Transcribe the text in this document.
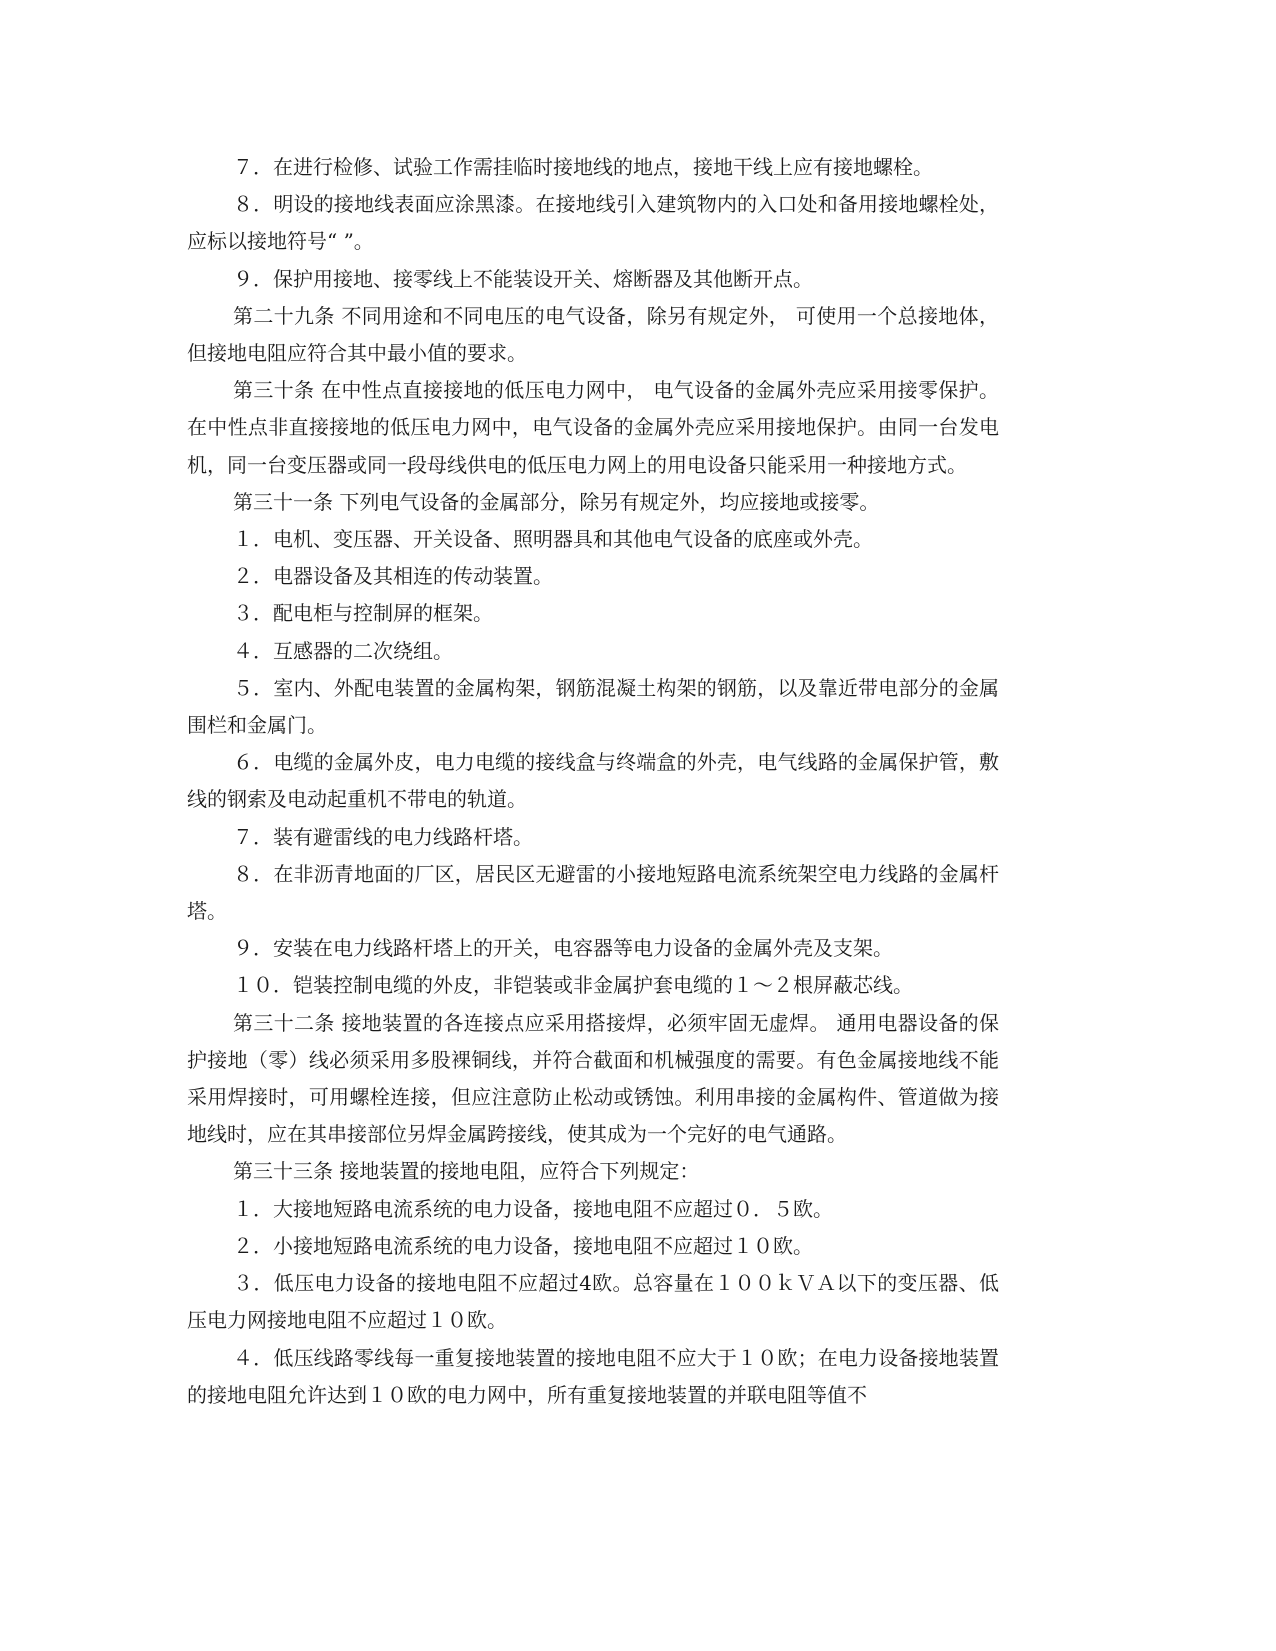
７．在进行检修、试验工作需挂临时接地线的地点，接地干线上应有接地螺栓。

８．明设的接地线表面应涂黑漆。在接地线引入建筑物内的入口处和备用接地螺栓处，应标以接地符号“ ”。

９．保护用接地、接零线上不能装设开关、熔断器及其他断开点。

第二十九条 不同用途和不同电压的电气设备，除另有规定外， 可使用一个总接地体，但接地电阻应符合其中最小值的要求。

第三十条 在中性点直接接地的低压电力网中， 电气设备的金属外壳应采用接零保护。在中性点非直接接地的低压电力网中，电气设备的金属外壳应采用接地保护。由同一台发电机，同一台变压器或同一段母线供电的低压电力网上的用电设备只能采用一种接地方式。

第三十一条 下列电气设备的金属部分，除另有规定外，均应接地或接零。

１．电机、变压器、开关设备、照明器具和其他电气设备的底座或外壳。

２．电器设备及其相连的传动装置。

３．配电柜与控制屏的框架。

４．互感器的二次绕组。

５．室内、外配电装置的金属构架，钢筋混凝土构架的钢筋，以及靠近带电部分的金属围栏和金属门。

６．电缆的金属外皮，电力电缆的接线盒与终端盒的外壳，电气线路的金属保护管，敷线的钢索及电动起重机不带电的轨道。

７．装有避雷线的电力线路杆塔。

８．在非沥青地面的厂区，居民区无避雷的小接地短路电流系统架空电力线路的金属杆塔。

９．安装在电力线路杆塔上的开关，电容器等电力设备的金属外壳及支架。

１０．铠装控制电缆的外皮，非铠装或非金属护套电缆的１～２根屏蔽芯线。

第三十二条 接地装置的各连接点应采用搭接焊，必须牢固无虚焊。 通用电器设备的保护接地（零）线必须采用多股裸铜线，并符合截面和机械强度的需要。有色金属接地线不能采用焊接时，可用螺栓连接，但应注意防止松动或锈蚀。利用串接的金属构件、管道做为接地线时，应在其串接部位另焊金属跨接线，使其成为一个完好的电气通路。

第三十三条 接地装置的接地电阻，应符合下列规定：

１．大接地短路电流系统的电力设备，接地电阻不应超过０．５欧。

２．小接地短路电流系统的电力设备，接地电阻不应超过１０欧。

３．低压电力设备的接地电阻不应超过4欧。总容量在１００ｋＶＡ以下的变压器、低压电力网接地电阻不应超过１０欧。

４．低压线路零线每一重复接地装置的接地电阻不应大于１０欧；在电力设备接地装置的接地电阻允许达到１０欧的电力网中，所有重复接地装置的并联电阻等值不
